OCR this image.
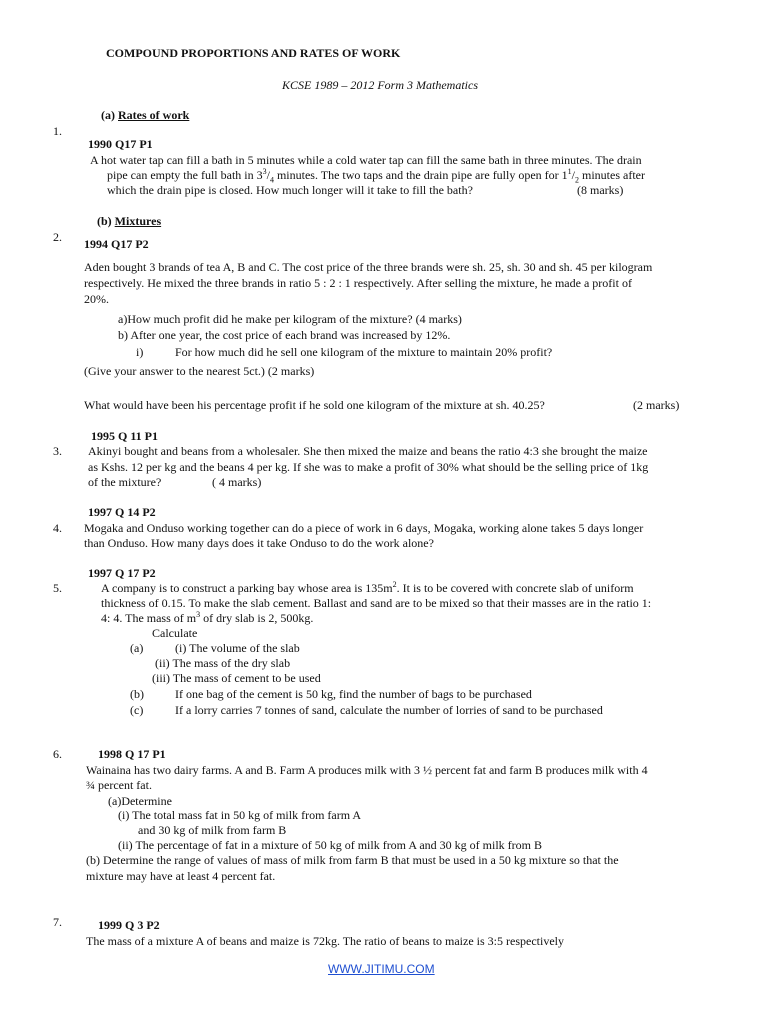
COMPOUND PROPORTIONS AND RATES OF WORK
KCSE 1989 – 2012 Form 3 Mathematics
(a) Rates of work
1.
1990 Q17 P1
A hot water tap can fill a bath in 5 minutes while a cold water tap can fill the same bath in three minutes. The drain
pipe can empty the full bath in $3^3/_4$ minutes. The two taps and the drain pipe are fully open for $1^1/_2$ minutes after
which the drain pipe is closed. How much longer will it take to fill the bath?	(8 marks)
(b) Mixtures
2. 1994 Q17 P2
Aden bought 3 brands of tea A, B and C. The cost price of the three brands were sh. 25, sh. 30 and sh. 45 per kilogram
respectively. He mixed the three brands in ratio 5 : 2 : 1 respectively. After selling the mixture, he made a profit of
20%.
a)How much profit did he make per kilogram of the mixture? (4 marks)
b) After one year, the cost price of each brand was increased by 12%.
i)	For how much did he sell one kilogram of the mixture to maintain 20% profit?
(Give your answer to the nearest 5ct.) (2 marks)
What would have been his percentage profit if he sold one kilogram of the mixture at sh. 40.25?	(2 marks)
1995 Q 11 P1
3. Akinyi bought and beans from a wholesaler. She then mixed the maize and beans the ratio 4:3 she brought the maize
as Kshs. 12 per kg and the beans 4 per kg. If she was to make a profit of 30% what should be the selling price of 1kg
of the mixture?	( 4 marks)
1997 Q 14 P2
4. Mogaka and Onduso working together can do a piece of work in 6 days, Mogaka, working alone takes 5 days longer
than Onduso. How many days does it take Onduso to do the work alone?
1997 Q 17 P2
5.	A company is to construct a parking bay whose area is $135m^2$. It is to be covered with concrete slab of uniform
thickness of 0.15. To make the slab cement. Ballast and sand are to be mixed so that their masses are in the ratio 1:
4: 4. The mass of $m^3$ of dry slab is 2, 500kg.
Calculate
(a)	(i) The volume of the slab
(ii) The mass of the dry slab
(iii) The mass of cement to be used
(b)	If one bag of the cement is 50 kg, find the number of bags to be purchased
(c)	If a lorry carries 7 tonnes of sand, calculate the number of lorries of sand to be purchased
6.	1998 Q 17 P1
Wainaina has two dairy farms. A and B. Farm A produces milk with 3 ½ percent fat and farm B produces milk with 4
¾ percent fat.
(a)Determine
(i) The total mass fat in 50 kg of milk from farm A
and 30 kg of milk from farm B
(ii) The percentage of fat in a mixture of 50 kg of milk from A and 30 kg of milk from B
(b) Determine the range of values of mass of milk from farm B that must be used in a 50 kg mixture so that the
mixture may have at least 4 percent fat.
7.	1999 Q 3 P2
The mass of a mixture A of beans and maize is 72kg. The ratio of beans to maize is 3:5 respectively
WWW.JITIMU.COM
